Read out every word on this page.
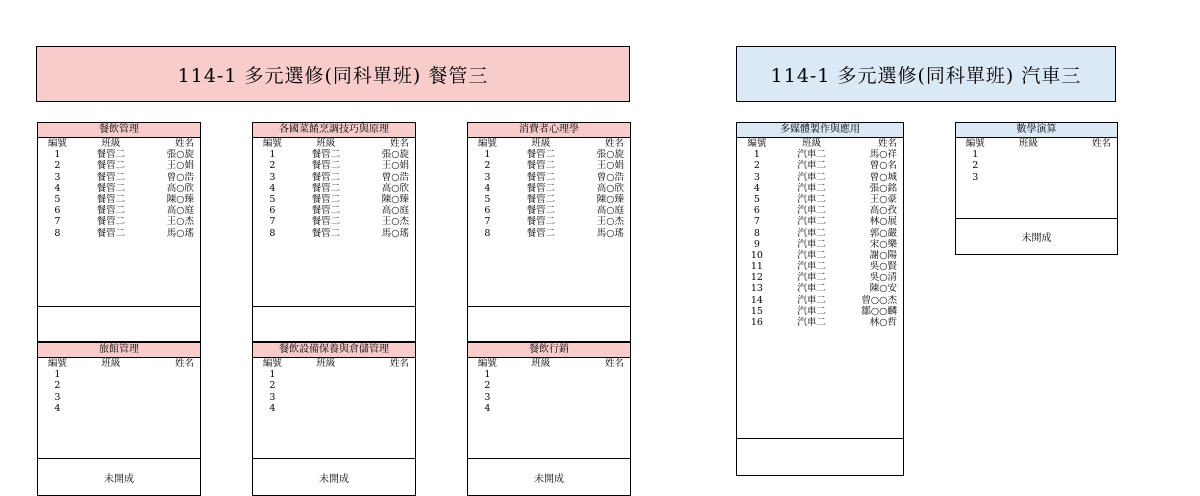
114-1 多元選修(同科單班) 餐管三	114-1 多元選修(同科單班) 汽車三
餐飲管理
編號	班級	姓名
1	餐管二	張○旋
2	餐管二	王○娟
3	餐管二	曾○浩
4	餐管二	高○欣
5	餐管二	陳○臻
6	餐管二	高○庭
7	餐管二	王○杰
8	餐管二	馬○瑤
各國菜餚烹調技巧與原理
編號	班級	姓名
1	餐管二	張○旋
2	餐管二	王○娟
3	餐管二	曾○浩
4	餐管二	高○欣
5	餐管二	陳○臻
6	餐管二	高○庭
7	餐管二	王○杰
8	餐管二	馬○瑤
消費者心理學
編號	班級	姓名
1	餐管二	張○旋
2	餐管二	王○娟
3	餐管二	曾○浩
4	餐管二	高○欣
5	餐管二	陳○臻
6	餐管二	高○庭
7	餐管二	王○杰
8	餐管二	馬○瑤
旅館管理
編號	班級	姓名
1
2
3
4
未開成
餐飲設備保養與倉儲管理
編號	班級	姓名
1
2
3
4
未開成
餐飲行銷
編號	班級	姓名
1
2
3
4
未開成
多媒體製作與應用
編號	班級	姓名
1	汽車二	馬○祥
2	汽車二	曾○名
3	汽車二	曾○城
4	汽車二	張○銘
5	汽車二	王○豪
6	汽車二	高○孜
7	汽車二	林○展
8	汽車二	郭○嚴
9	汽車二	宋○樂
10	汽車二	謝○陽
11	汽車二	吳○賢
12	汽車二	吳○清
13	汽車二	陳○安
14	汽車二	曾○○杰
15	汽車二	鄒○○麟
16	汽車二	林○哲
數學演算
編號	班級	姓名
1
2
3
未開成
